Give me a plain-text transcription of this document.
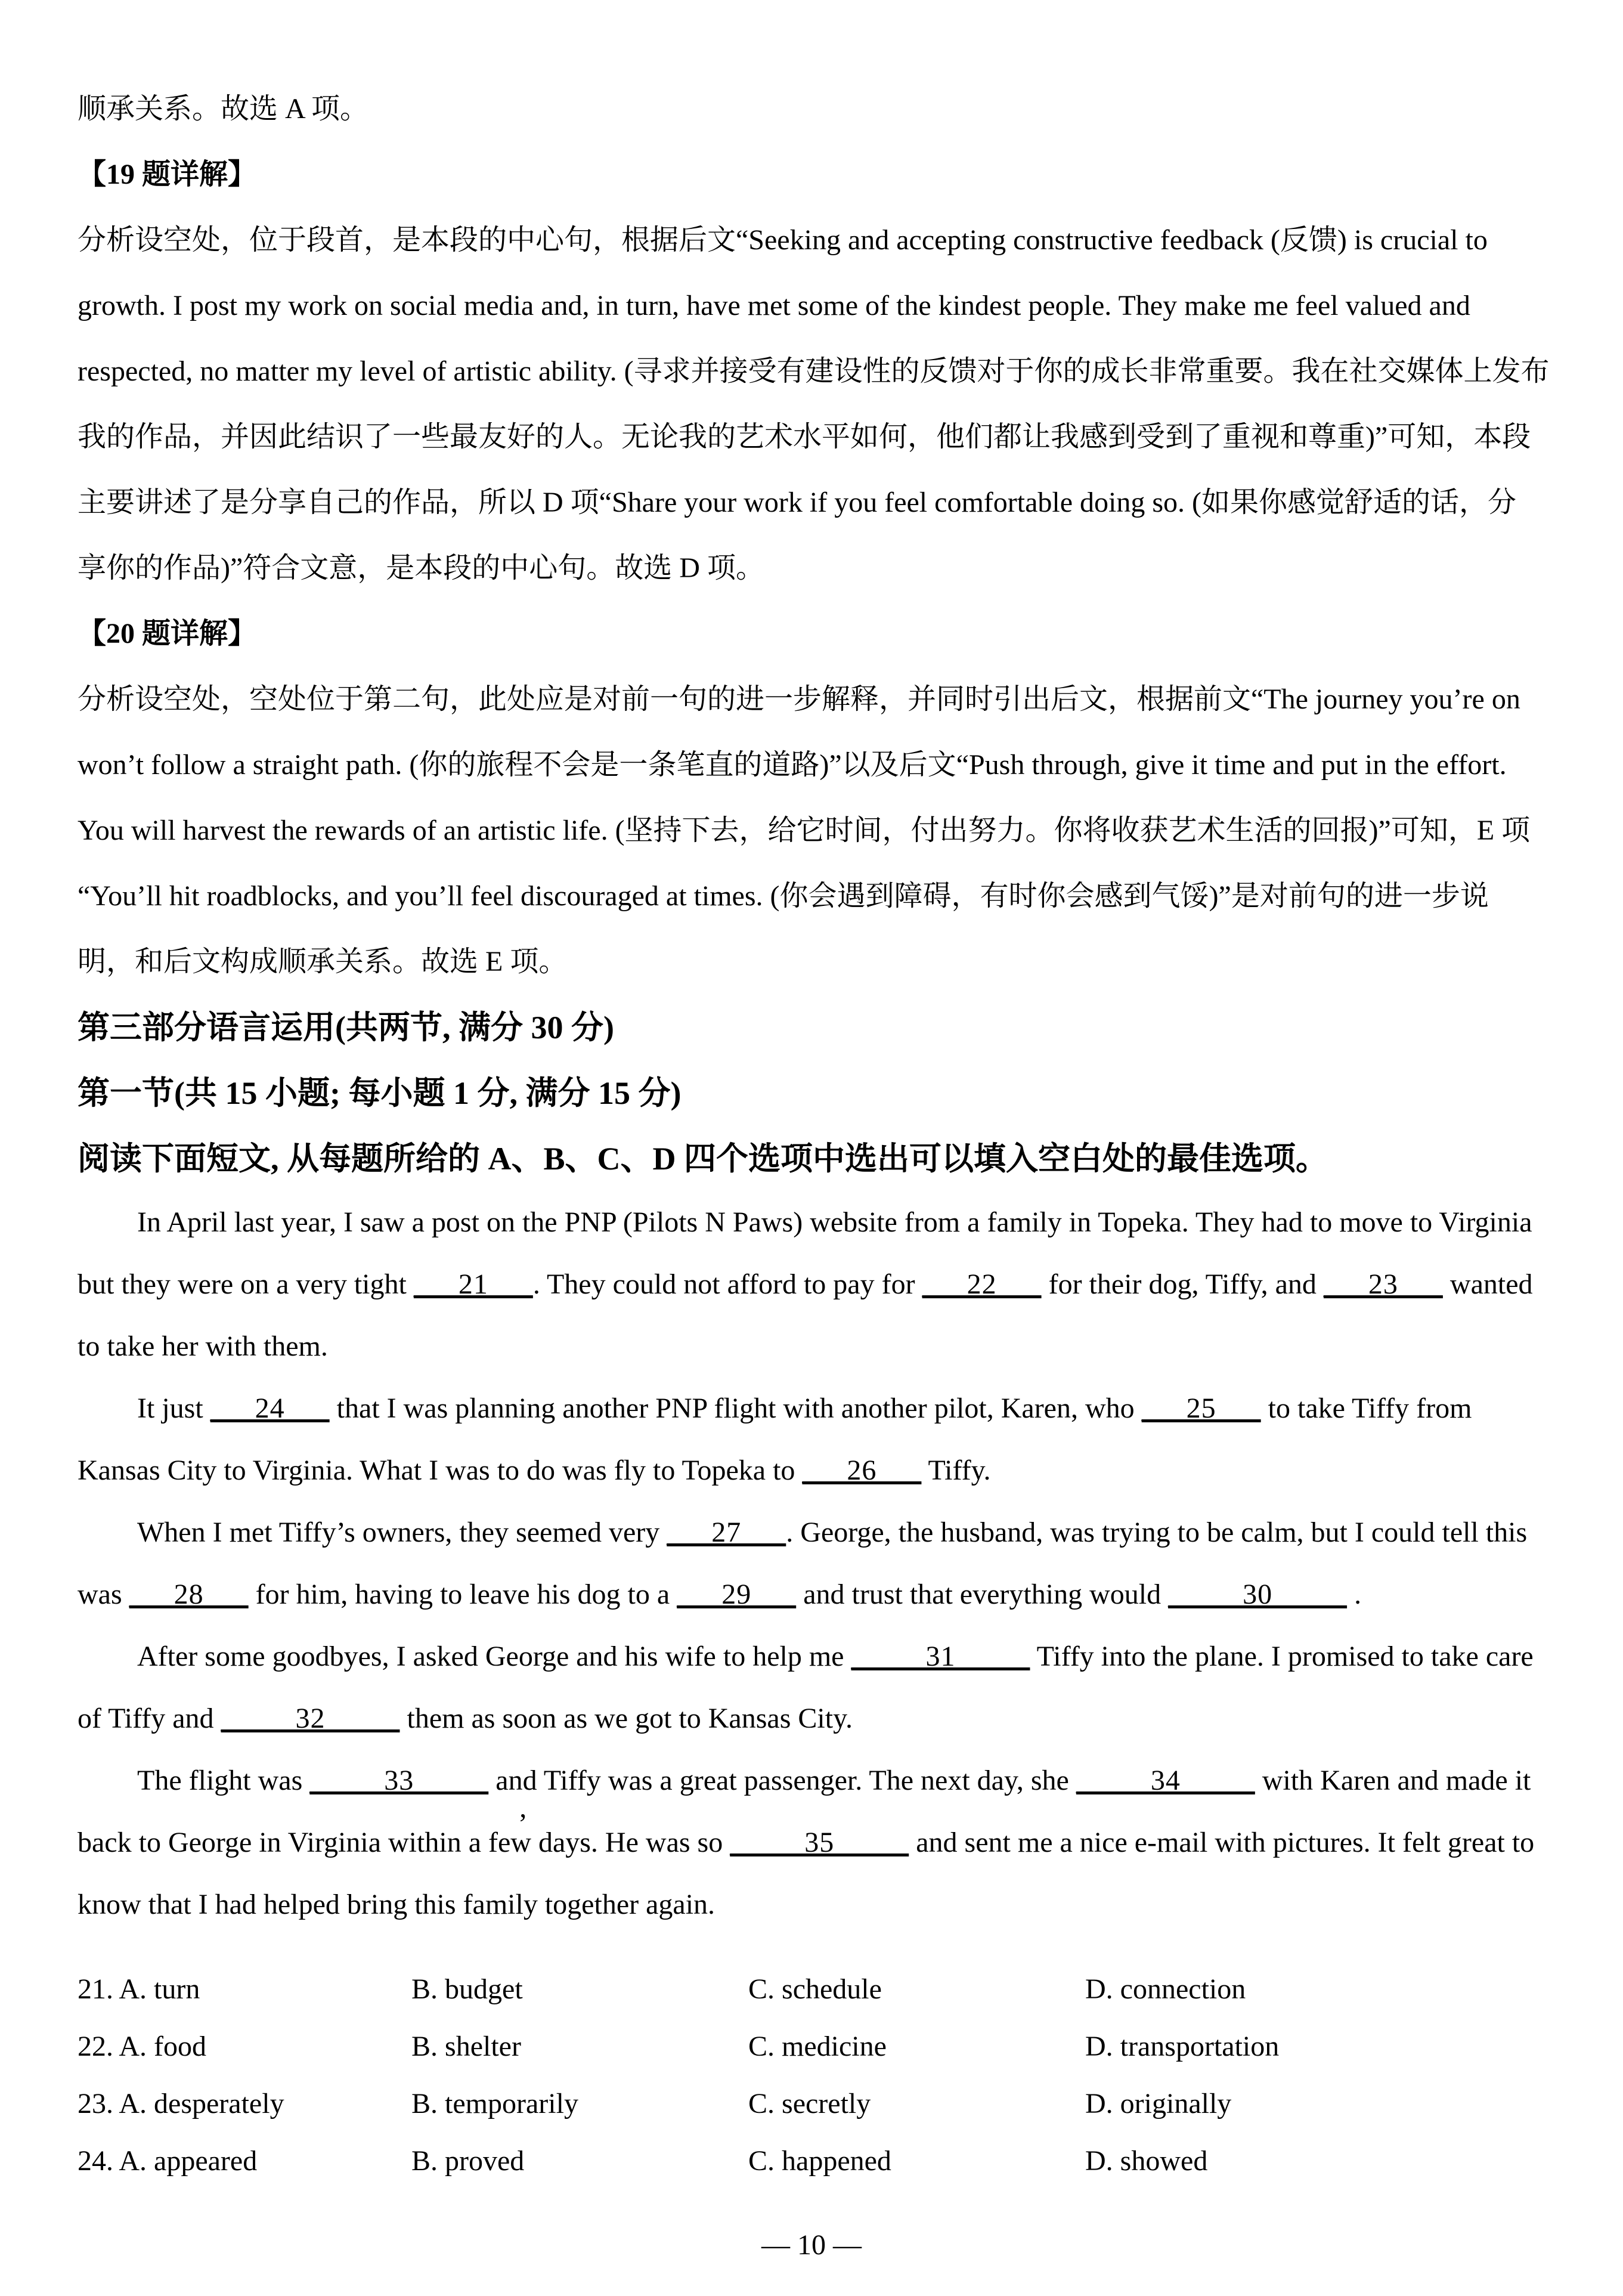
顺承关系。故选 A 项。
【19 题详解】
分析设空处，位于段首，是本段的中心句，根据后文“Seeking and accepting constructive feedback (反馈) is crucial to
growth. I post my work on social media and, in turn, have met some of the kindest people. They make me feel valued and
respected, no matter my level of artistic ability. (寻求并接受有建设性的反馈对于你的成长非常重要。我在社交媒体上发布
我的作品，并因此结识了一些最友好的人。无论我的艺术水平如何，他们都让我感到受到了重视和尊重)”可知，本段
主要讲述了是分享自己的作品，所以 D 项“Share your work if you feel comfortable doing so. (如果你感觉舒适的话，分
享你的作品)”符合文意，是本段的中心句。故选 D 项。
【20 题详解】
分析设空处，空处位于第二句，此处应是对前一句的进一步解释，并同时引出后文，根据前文“The journey you’re on
won’t follow a straight path. (你的旅程不会是一条笔直的道路)”以及后文“Push through, give it time and put in the effort.
You will harvest the rewards of an artistic life. (坚持下去，给它时间，付出努力。你将收获艺术生活的回报)”可知，E 项
“You’ll hit roadblocks, and you’ll feel discouraged at times. (你会遇到障碍，有时你会感到气馁)”是对前句的进一步说
明，和后文构成顺承关系。故选 E 项。
第三部分语言运用(共两节, 满分 30 分)
第一节(共 15 小题; 每小题 1 分, 满分 15 分)
阅读下面短文, 从每题所给的 A、B、C、D 四个选项中选出可以填入空白处的最佳选项。
In April last year, I saw a post on the PNP (Pilots N Paws) website from a family in Topeka. They had to move to Virginia
but they were on a very tight ___21___. They could not afford to pay for ___22___ for their dog, Tiffy, and ___23___ wanted
to take her with them.
It just ___24___ that I was planning another PNP flight with another pilot, Karen, who ___25___ to take Tiffy from
Kansas City to Virginia. What I was to do was fly to Topeka to ___26___ Tiffy.
When I met Tiffy’s owners, they seemed very ___27___. George, the husband, was trying to be calm, but I could tell this
was ___28___ for him, having to leave his dog to a ___29___ and trust that everything would _____30_____ .
After some goodbyes, I asked George and his wife to help me _____31_____ Tiffy into the plane. I promised to take care
of Tiffy and _____32_____ them as soon as we got to Kansas City.
The flight was _____33_____, and Tiffy was a great passenger. The next day, she _____34_____ with Karen and made it
back to George in Virginia within a few days. He was so _____35_____ and sent me a nice e-mail with pictures. It felt great to
know that I had helped bring this family together again.
21. A. turn	B. budget	C. schedule	D. connection
22. A. food	B. shelter	C. medicine	D. transportation
23. A. desperately	B. temporarily	C. secretly	D. originally
24. A. appeared	B. proved	C. happened	D. showed
— 10 —
